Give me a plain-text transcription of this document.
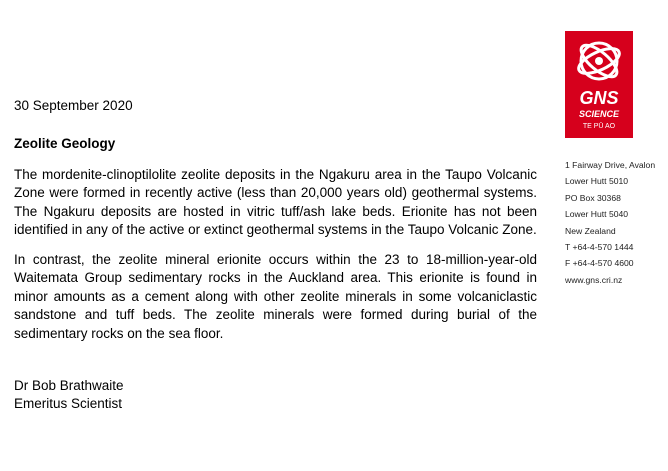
30 September 2020
Zeolite Geology

The mordenite-clinoptilolite zeolite deposits in the Ngakuru area in the Taupo Volcanic Zone were formed in recently active (less than 20,000 years old) geothermal systems. The Ngakuru deposits are hosted in vitric tuff/ash lake beds. Erionite has not been identified in any of the active or extinct geothermal systems in the Taupo Volcanic Zone.

In contrast, the zeolite mineral erionite occurs within the 23 to 18-million-year-old Waitemata Group sedimentary rocks in the Auckland area. This erionite is found in minor amounts as a cement along with other zeolite minerals in some volcaniclastic sandstone and tuff beds. The zeolite minerals were formed during burial of the sedimentary rocks on the sea floor.

Dr Bob Brathwaite
Emeritus Scientist
GNS
SCIENCE
TE PŪ AO
1 Fairway Drive, Avalon
Lower Hutt 5010
PO Box 30368
Lower Hutt 5040
New Zealand
T +64-4-570 1444
F +64-4-570 4600
www.gns.cri.nz
